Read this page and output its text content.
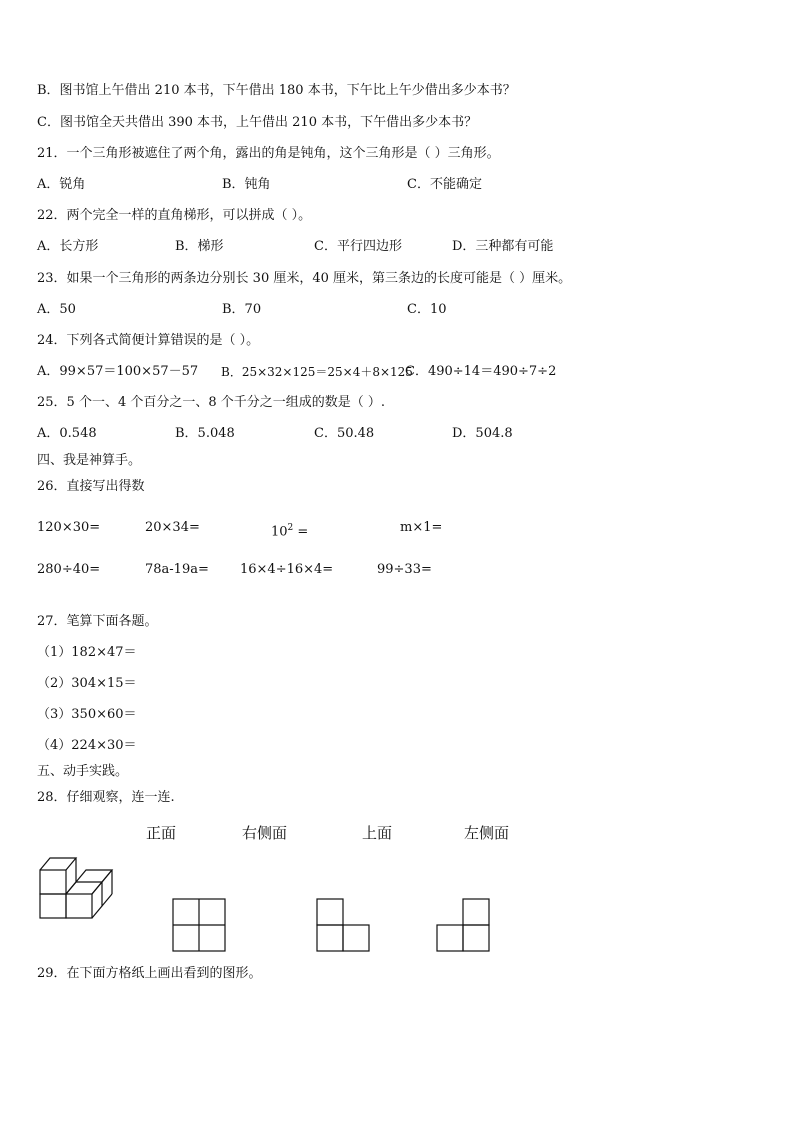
B．图书馆上午借出 210 本书，下午借出 180 本书，下午比上午少借出多少本书？
C．图书馆全天共借出 390 本书，上午借出 210 本书，下午借出多少本书？
21．一个三角形被遮住了两个角，露出的角是钝角，这个三角形是（ ）三角形。
A．锐角	B．钝角	C．不能确定
22．两个完全一样的直角梯形，可以拼成（ ）。
A．长方形	B．梯形	C．平行四边形	D．三种都有可能
23．如果一个三角形的两条边分别长 30 厘米，40 厘米，第三条边的长度可能是（ ）厘米。
A．50	B．70	C．10
24．下列各式简便计算错误的是（ ）。
A．99×57＝100×57－57 B．25×32×125＝25×4＋8×125
C．490÷14＝490÷7÷2
25．5 个一、4 个百分之一、8 个千分之一组成的数是（ ）.
A．0.548	B．5.048	C．50.48	D．504.8
四、我是神算手。
26．直接写出得数
120×30=	20×34=	$10^2$ =	m×1=
280÷40=	78a-19a= 16×4÷16×4=	99÷33=
27．笔算下面各题。
（1）182×47＝
（2）304×15＝
（3）350×60＝
（4）224×30＝
五、动手实践。
28．仔细观察，连一连.
正面	右侧面	上面	左侧面
29．在下面方格纸上画出看到的图形。
